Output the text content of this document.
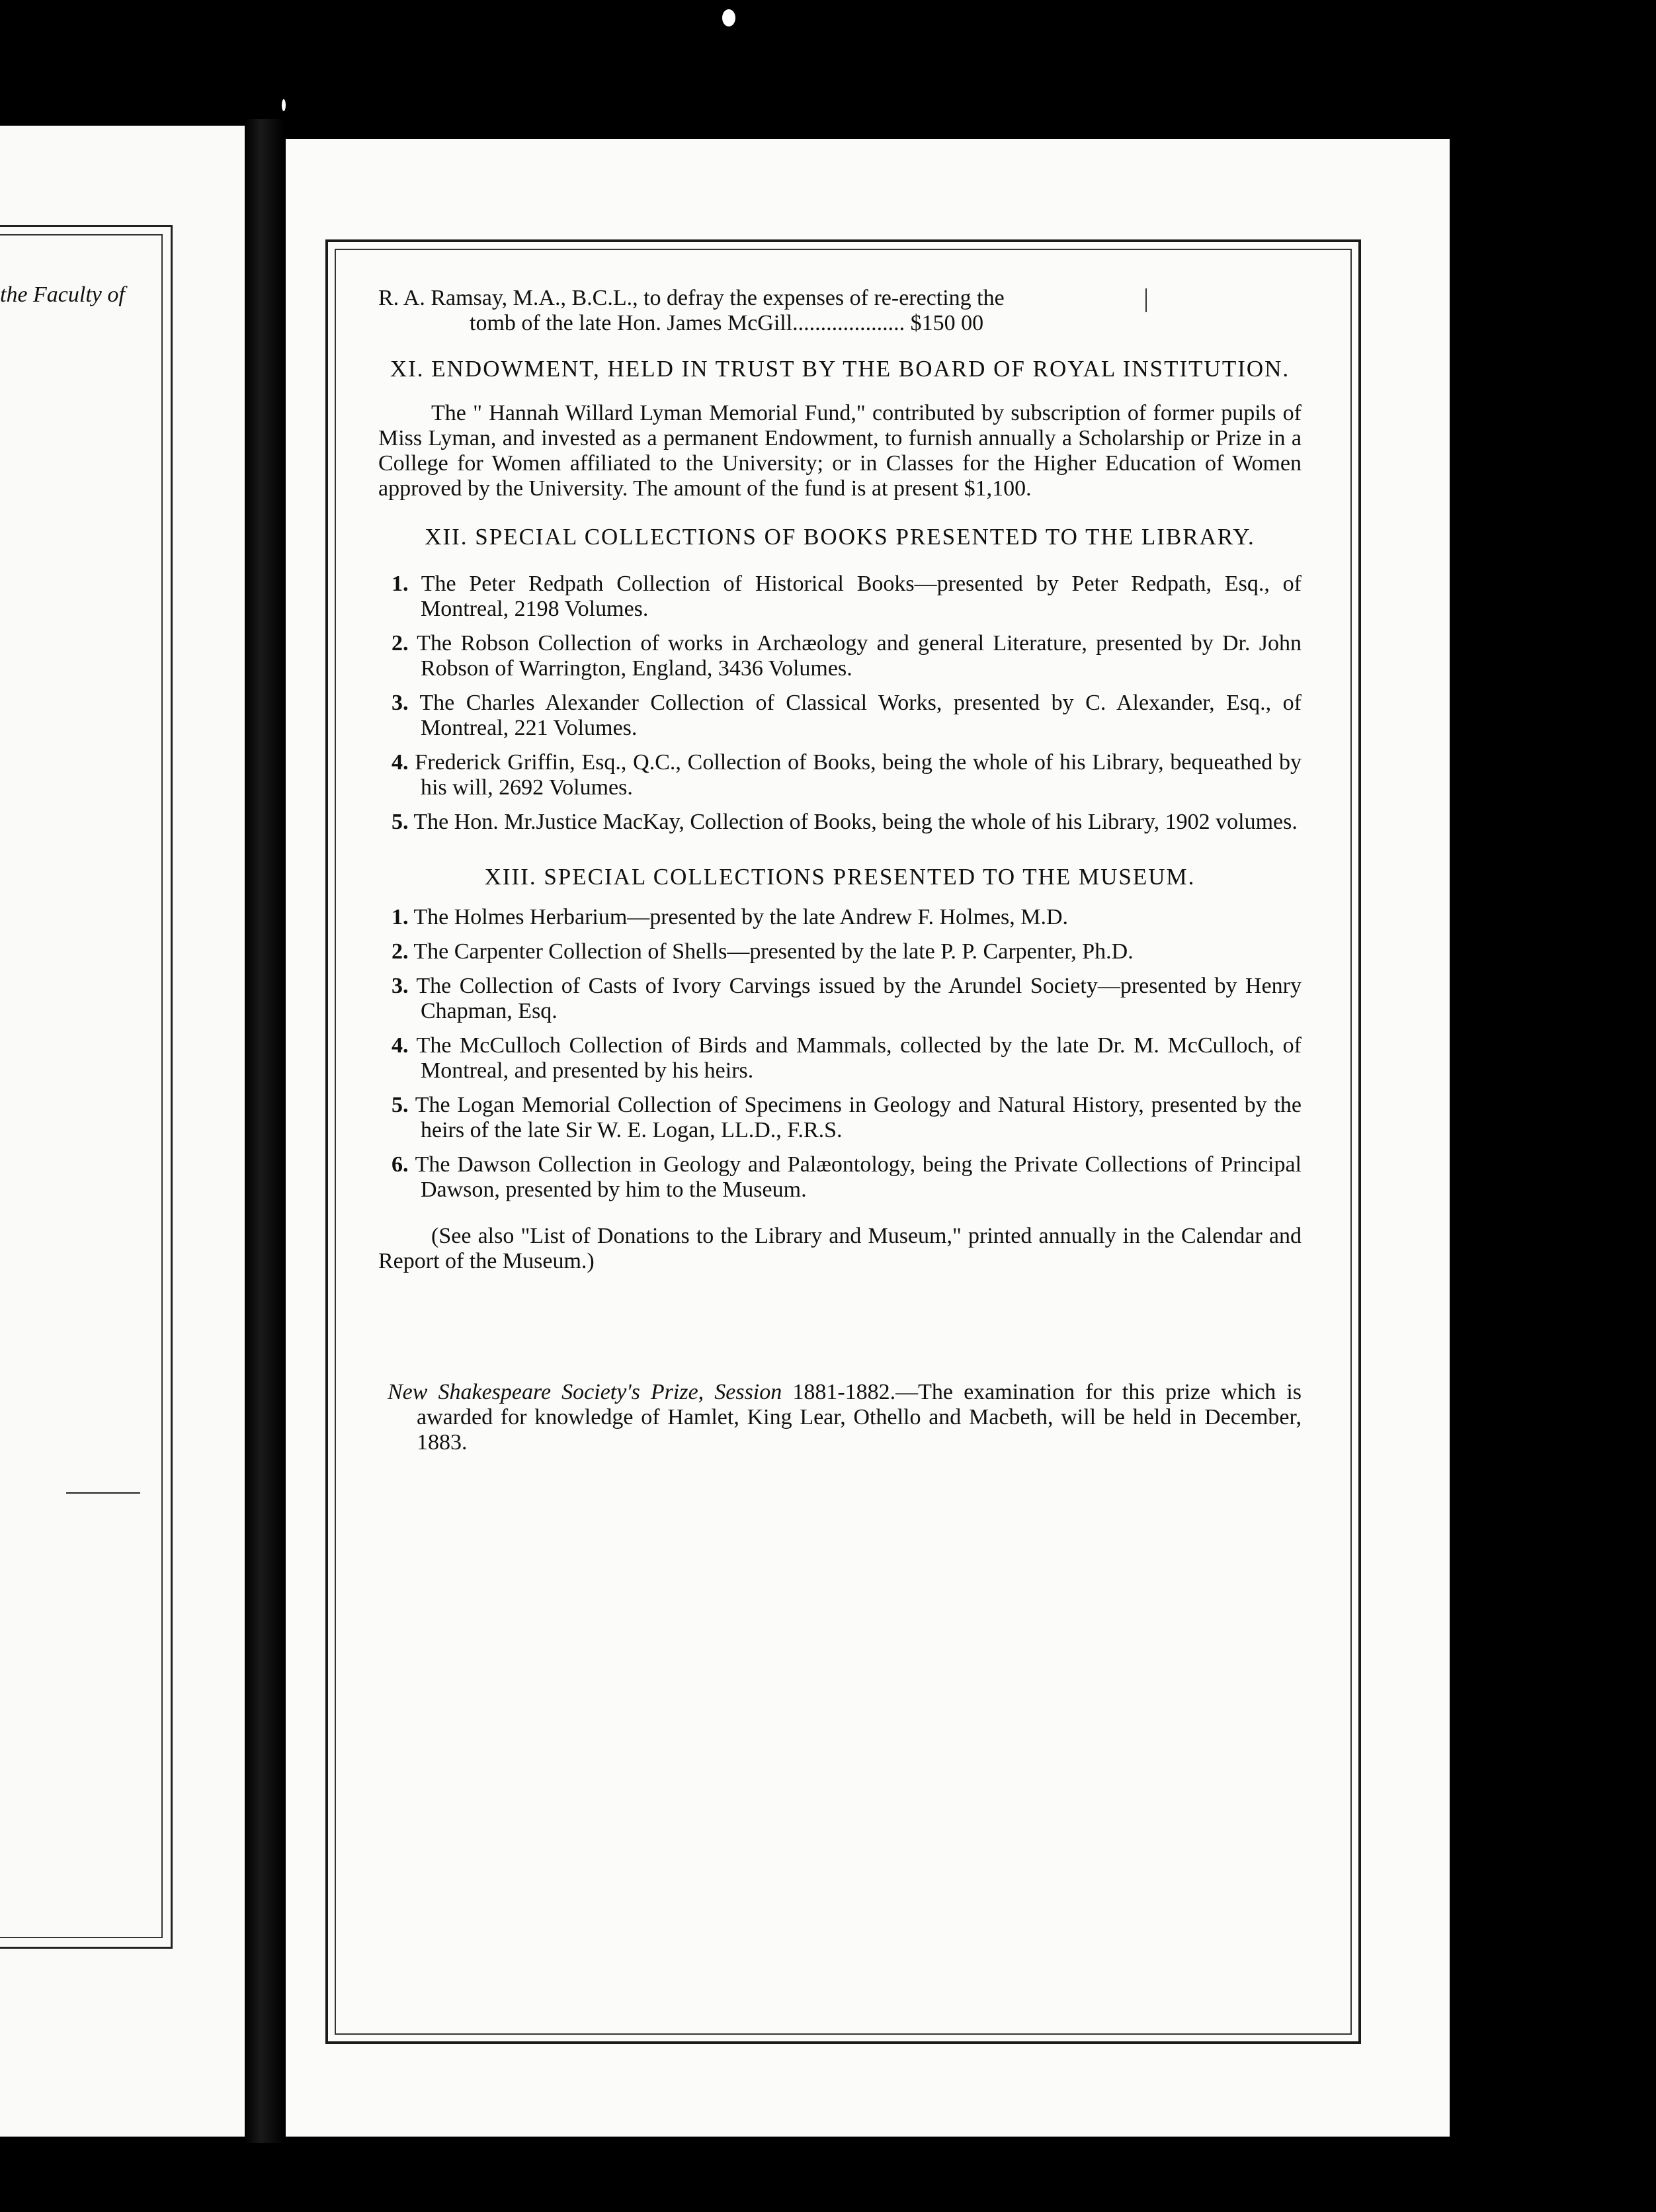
the Faculty of	R. A. Ramsay, M.A., B.C.L., to defray the expenses of re-erecting the

tomb of the late Hon. James McGill.................... $150 00

XI. ENDOWMENT, HELD IN TRUST BY THE BOARD OF ROYAL INSTITUTION.

The " Hannah Willard Lyman Memorial Fund," contributed by subscription of former pupils of Miss Lyman, and invested as a permanent Endowment, to furnish annually a Scholarship or Prize in a College for Women affiliated to the University; or in Classes for the Higher Education of Women approved by the University. The amount of the fund is at present $1,100.

XII. SPECIAL COLLECTIONS OF BOOKS PRESENTED TO THE LIBRARY.

1. The Peter Redpath Collection of Historical Books—presented by Peter Redpath, Esq., of Montreal, 2198 Volumes.

2. The Robson Collection of works in Archæology and general Literature, presented by Dr. John Robson of Warrington, England, 3436 Volumes.

3. The Charles Alexander Collection of Classical Works, presented by C. Alexander, Esq., of Montreal, 221 Volumes.

4. Frederick Griffin, Esq., Q.C., Collection of Books, being the whole of his Library, bequeathed by his will, 2692 Volumes.

5. The Hon. Mr.Justice MacKay, Collection of Books, being the whole of his Library, 1902 volumes.

XIII. SPECIAL COLLECTIONS PRESENTED TO THE MUSEUM.

1. The Holmes Herbarium—presented by the late Andrew F. Holmes, M.D.

2. The Carpenter Collection of Shells—presented by the late P. P. Carpenter, Ph.D.

3. The Collection of Casts of Ivory Carvings issued by the Arundel Society—presented by Henry Chapman, Esq.

4. The McCulloch Collection of Birds and Mammals, collected by the late Dr. M. McCulloch, of Montreal, and presented by his heirs.

5. The Logan Memorial Collection of Specimens in Geology and Natural History, presented by the heirs of the late Sir W. E. Logan, LL.D., F.R.S.

6. The Dawson Collection in Geology and Palæontology, being the Private Collections of Principal Dawson, presented by him to the Museum.

(See also "List of Donations to the Library and Museum," printed annually in the Calendar and Report of the Museum.)

New Shakespeare Society's Prize, Session 1881-1882.—The examination for this prize which is awarded for knowledge of Hamlet, King Lear, Othello and Macbeth, will be held in December, 1883.
